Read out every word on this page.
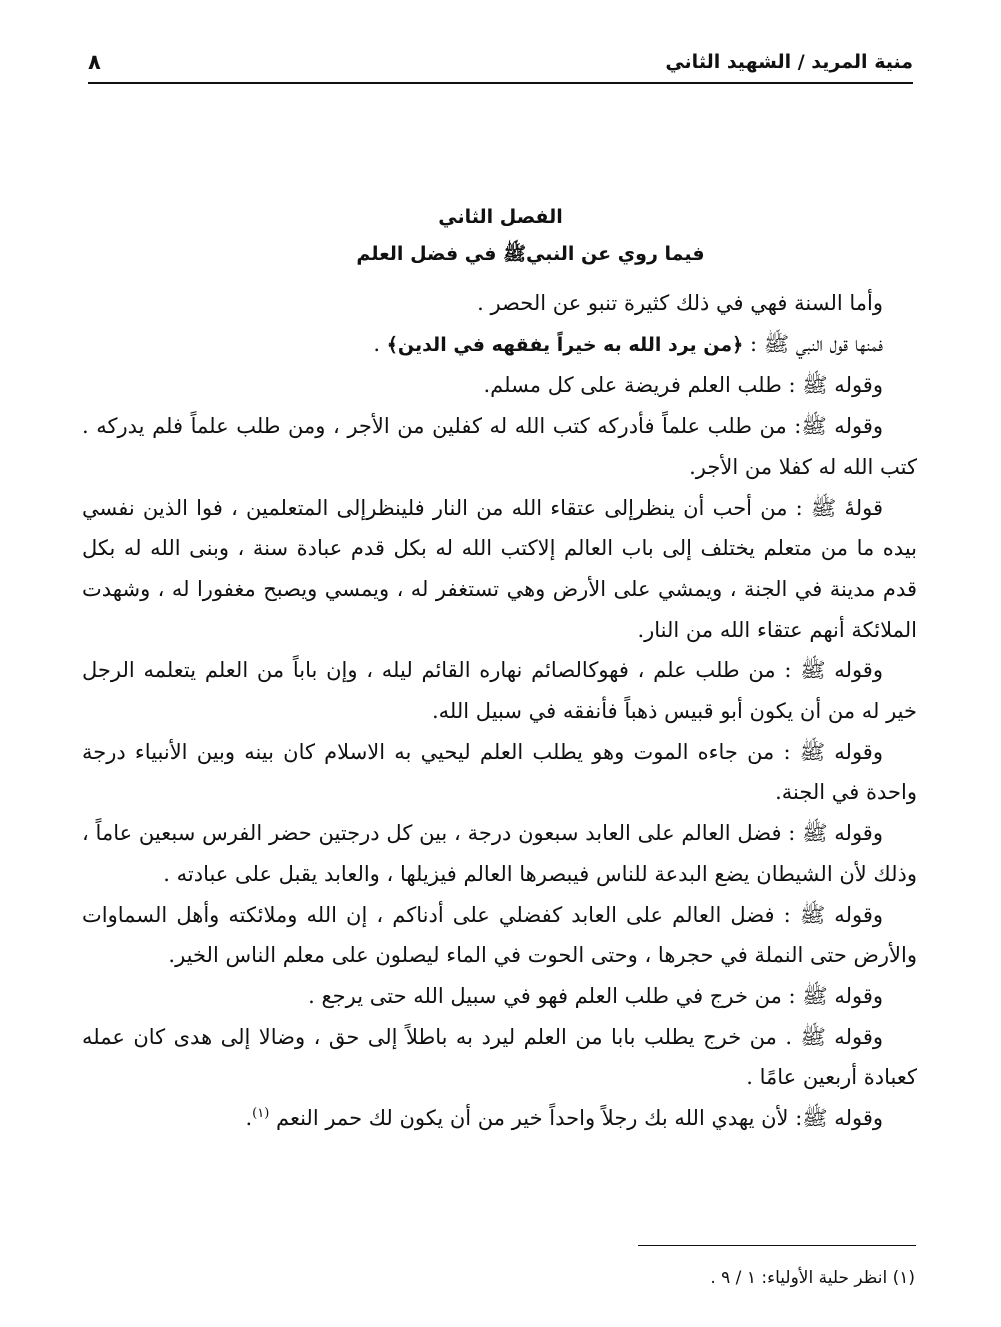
منية المريد / الشهيد الثاني
٨
الفصل الثاني
فيما روي عن النبيﷺ في فضل العلم

وأما السنة فهي في ذلك كثيرة تنبو عن الحصر .

فمنها قول النبي ﷺ : ﴿من يرد الله به خيراً يفقهه في الدين﴾ .

وقوله ﷺ : طلب العلم فريضة على كل مسلم.

وقوله ﷺ: من طلب علماً فأدركه كتب الله له كفلين من الأجر ، ومن طلب علماً فلم يدركه . كتب الله له كفلا من الأجر.

قولهٔ ﷺ : من أحب أن ينظرإلى عتقاء الله من النار فلينظرإلى المتعلمين ، فوا الذين نفسي بيده ما من متعلم يختلف إلى باب العالم إلاكتب الله له بكل قدم عبادة سنة ، وبنى الله له بكل قدم مدينة في الجنة ، ويمشي على الأرض وهي تستغفر له ، ويمسي ويصبح مغفورا له ، وشهدت الملائكة أنهم عتقاء الله من النار.

وقوله ﷺ : من طلب علم ، فهوكالصائم نهاره القائم ليله ، وإن باباً من العلم يتعلمه الرجل خير له من أن يكون أبو قبيس ذهباً فأنفقه في سبيل الله.

وقوله ﷺ : من جاءه الموت وهو يطلب العلم ليحيي به الاسلام كان بينه وبين الأنبياء درجة واحدة في الجنة.

وقوله ﷺ : فضل العالم على العابد سبعون درجة ، بين كل درجتين حضر الفرس سبعين عاماً ، وذلك لأن الشيطان يضع البدعة للناس فيبصرها العالم فيزيلها ، والعابد يقبل على عبادته .

وقوله ﷺ : فضل العالم على العابد كفضلي على أدناكم ، إن الله وملائكته وأهل السماوات والأرض حتى النملة في حجرها ، وحتى الحوت في الماء ليصلون على معلم الناس الخير.

وقوله ﷺ : من خرج في طلب العلم فهو في سبيل الله حتى يرجع .

وقوله ﷺ . من خرج يطلب بابا من العلم ليرد به باطلاً إلى حق ، وضالا إلى هدى كان عمله كعبادة أربعين عامًا .

وقوله ﷺ: لأن يهدي الله بك رجلاً واحداً خير من أن يكون لك حمر النعم $^{(١)}$.

(١) انظر حلية الأولياء: ١ / ٩ .
